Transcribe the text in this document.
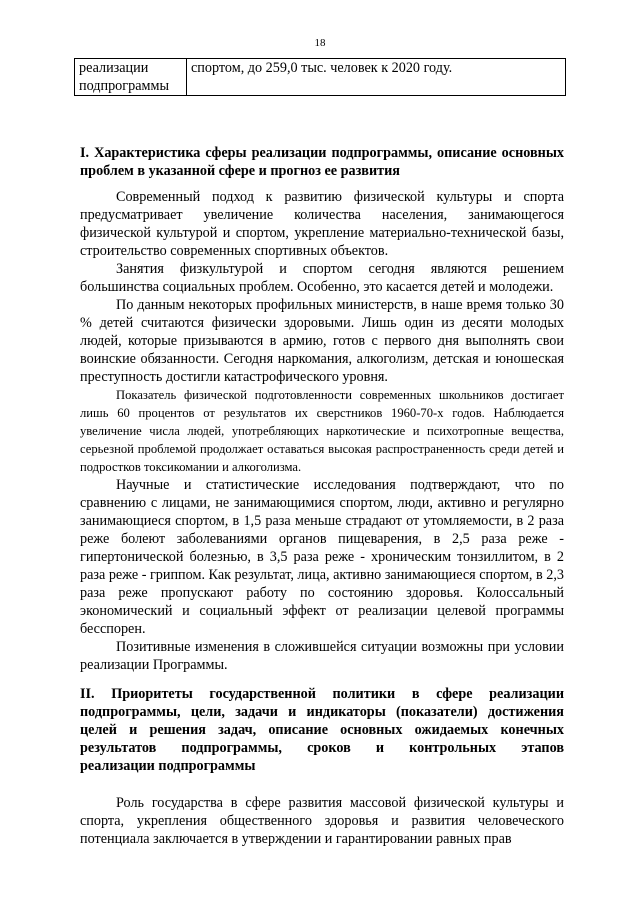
18
реализации подпрограммы	спортом, до 259,0 тыс. человек к 2020 году.
I. Характеристика сферы реализации подпрограммы, описание основных проблем в указанной сфере и прогноз ее развития

Современный подход к развитию физической культуры и спорта предусматривает увеличение количества населения, занимающегося физической культурой и спортом, укрепление материально-технической базы, строительство современных спортивных объектов.

Занятия физкультурой и спортом сегодня являются решением большинства социальных проблем. Особенно, это касается детей и молодежи.

По данным некоторых профильных министерств, в наше время только 30 % детей считаются физически здоровыми. Лишь один из десяти молодых людей, которые призываются в армию, готов с первого дня выполнять свои воинские обязанности. Сегодня наркомания, алкоголизм, детская и юношеская преступность достигли катастрофического уровня.

Показатель физической подготовленности современных школьников достигает лишь 60 процентов от результатов их сверстников 1960-70-х годов. Наблюдается увеличение числа людей, употребляющих наркотические и психотропные вещества, серьезной проблемой продолжает оставаться высокая распространенность среди детей и подростков токсикомании и алкоголизма.

Научные и статистические исследования подтверждают, что по сравнению с лицами, не занимающимися спортом, люди, активно и регулярно занимающиеся спортом, в 1,5 раза меньше страдают от утомляемости, в 2 раза реже болеют заболеваниями органов пищеварения, в 2,5 раза реже - гипертонической болезнью, в 3,5 раза реже - хроническим тонзиллитом, в 2 раза реже - гриппом. Как результат, лица, активно занимающиеся спортом, в 2,3 раза реже пропускают работу по состоянию здоровья. Колоссальный экономический и социальный эффект от реализации целевой программы бесспорен.

Позитивные изменения в сложившейся ситуации возможны при условии реализации Программы.

II. Приоритеты государственной политики в сфере реализации подпрограммы, цели, задачи и индикаторы (показатели) достижения целей и решения задач, описание основных ожидаемых конечных результатов подпрограммы, сроков и контрольных этапов
реализации подпрограммы

Роль государства в сфере развития массовой физической культуры и спорта, укрепления общественного здоровья и развития человеческого потенциала заключается в утверждении и гарантировании равных прав
